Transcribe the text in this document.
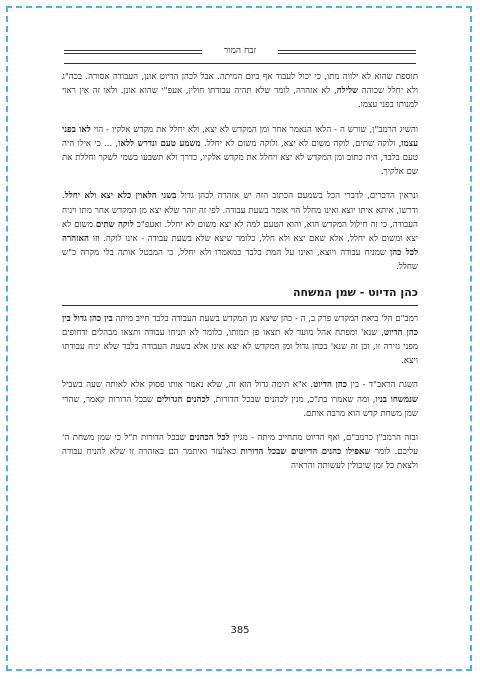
זבח המור

תוספת שהוא לא ילווה מתו, כי יכול לעבוד אף ביום המיתה. אבל לכהן הדיוט אונן, העבודה אסורה. בכה"ג ולא יחלל שכוהה שלילה, לא אזהרה, לומר שלא תהיה עבודתו חולין, אעפ"י שהוא אונן. ולאו זה אין ראוי למנותו בפני עצמו.

והשיג הרמב"ן, שורש ה - הלאו הנאמר אחר ומן המקדש לא יצא, ולא יחלל את מקדש אלקיו - הוי לאו בפני עצמו, ולוקה שתים, לוקה משום לא יצא, ולוקה משום לא יחלל. משמע טעם ונדרש ללאו, ... כי אילו היה טעם בלבד, היה כתוב ומן המקדש לא יצא ויחלל את מקדש אלקיו, כדרך ולא תשבעו בשמי לשקר וחללת את שם אלקיך.

ונראין הדברים, לדברי הכל בשמעם הכתוב הזה יש אזהרה לכהן גדול בשני הלאוין כלא יצא ולא יחלל. ודרשו, איתא איתו יוצא ואינו מחלל הוי אומר בשעת עבודה. לפי זה יזהר שלא יצא מן המקדש אחר מתו ויניח העבודה, כי זה חילול המקדש הוא, והוא הטעם למה לא יצא משום לא יחלל. ואעפ"כ לוקה שתים משום לא יצא ומשום לא יחלל, אלא שאם יצא ולא חלל, כלומר שיצא שלא בשעת עבודה - אינו לוקה. וזו האזהרה לכל כהן שמניח עבודה ויוצא, ואינו על המת בלבד כמאמרו ולא יחלל, כי המבטל אותה בלי מקרה כ"ש שחלל.

כהן הדיוט - שמן המשחה

רמב"ם הל' ביאת המקדש פרק ב, ה - כהן שיצא מן המקדש בשעת העבודה בלבד חייב מיתה בין כהן גדול בין כהן הדיוט, שנא' ומפתח אהל מועד לא תצאו פן תמותו, כלומר לא תניחו עבודה ותצאו מבהלים ודחופים מפני גזירה זו, וכן זה שנא' בכהן גדול ומן המקדש לא יצא אינו אלא בשעת העבודה בלבד שלא יניח עבודתו ויצא.

השגת הראב"ד - בין כהן הדיוט. א"א תימה גדול הוא זה, שלא נאמר אותו פסוק אלא לאותה שעה בשביל שנמשחו בניו, ומה שאמרו בת"כ, מנין לכהנים שבכל הדורות, לכהנים הגדולים שבכל הדורות קאמר, שהרי שמן משחת קדש הוא מרבה אותם.

ובזה הרמב"ן כרמב"ם, ואף הדיוט מתחייב מיתה - מגיין לכל הכהנים שבכל הדורות ת"ל כי שמן משחת ה' עליכם. לומר שאפילו כהנים הדיוטים שבכל הדורות כאלעזר ואיתמר הם באזהרה זו שלא להניח עבודה ולצאת כל זמן שיכולין לעשותה והראיה

385
